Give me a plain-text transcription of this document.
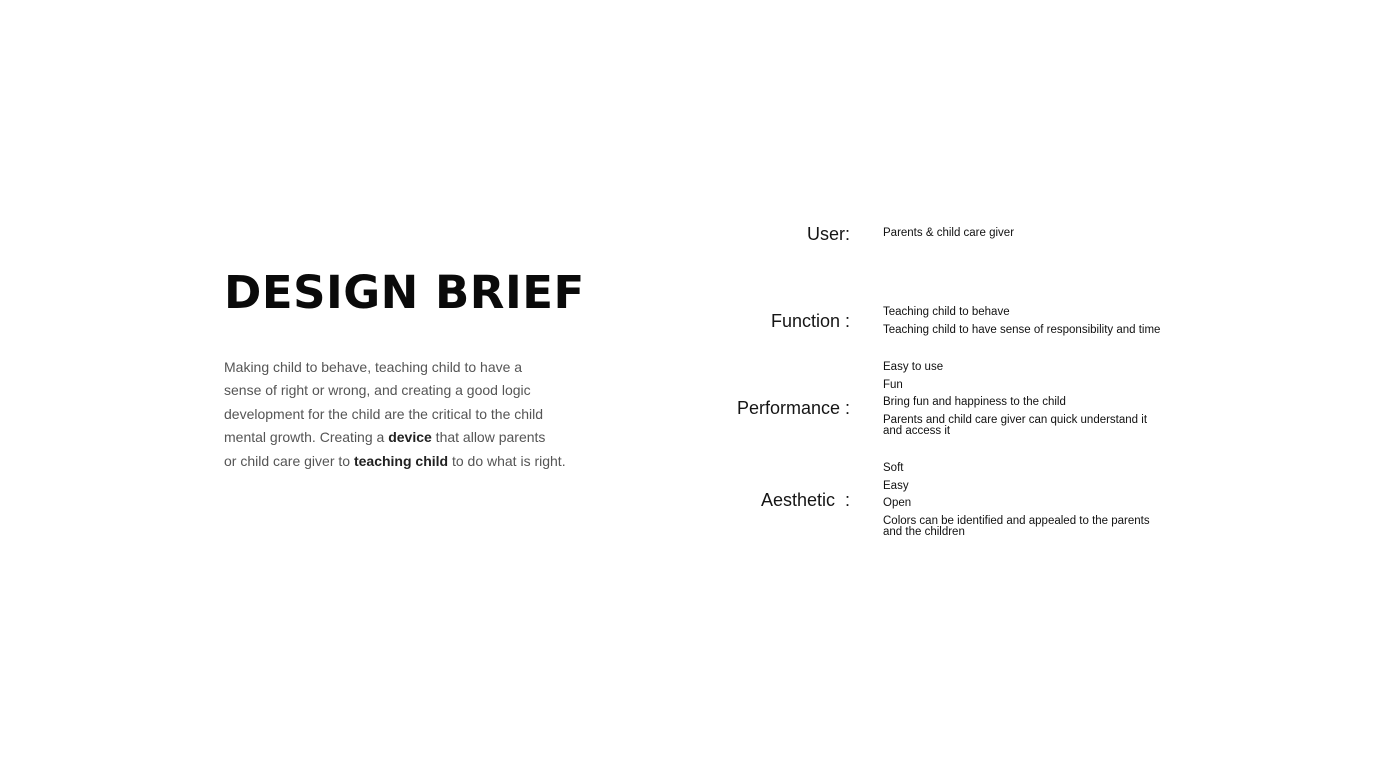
DESIGN BRIEF

Making child to behave, teaching child to have a
sense of right or wrong, and creating a good logic
development for the child are the critical to the child
mental growth. Creating a device that allow parents
or child care giver to teaching child to do what is right.

User:	Parents & child care giver
Function :	Teaching child to behave
Teaching child to have sense of responsibility and time
Performance :
Easy to use
Fun
Bring fun and happiness to the child
Parents and child care giver can quick understand it
and access it
Aesthetic  :
Soft
Easy
Open
Colors can be identified and appealed to the parents
and the children
